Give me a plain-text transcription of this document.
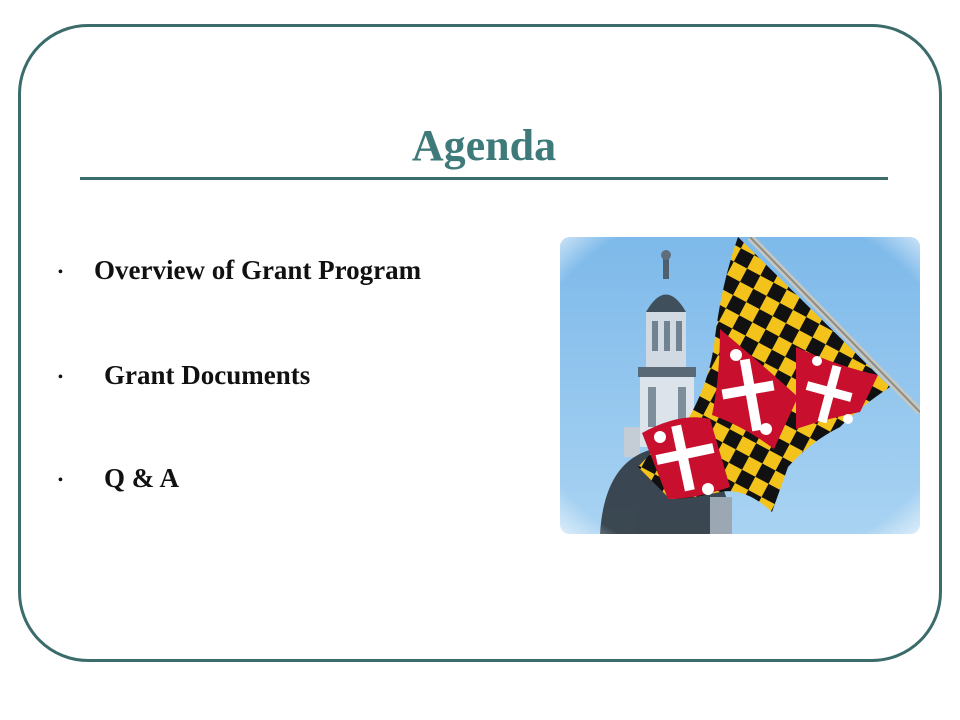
Agenda
• Overview of Grant Program
• Grant Documents
• Q & A
